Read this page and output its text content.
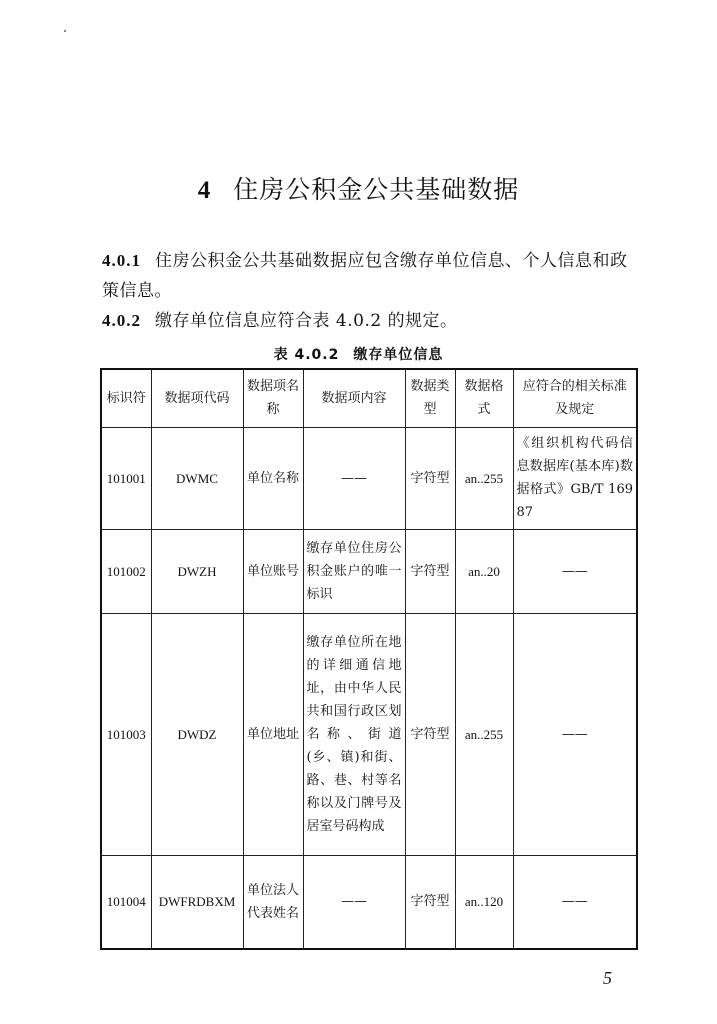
4 住房公积金公共基础数据
4.0.1 住房公积金公共基础数据应包含缴存单位信息、个人信息和政策信息。
4.0.2 缴存单位信息应符合表 4.0.2 的规定。
表 4.0.2 缴存单位信息
标识符	数据项代码	数据项名称	数据项内容	数据类型	数据格式	应符合的相关标准及规定
101001	DWMC	单位名称	——	字符型	an..255	《组织机构代码信息数据库(基本库)数据格式》GB/T 16987
101002	DWZH	单位账号	缴存单位住房公积金账户的唯一标识	字符型	an..20	——
101003	DWDZ	单位地址	缴存单位所在地的详细通信地址，由中华人民共和国行政区划名称、街道(乡、镇)和街、路、巷、村等名称以及门牌号及居室号码构成	字符型	an..255	——
101004	DWFRDBXM	单位法人代表姓名	——	字符型	an..120	——
5
